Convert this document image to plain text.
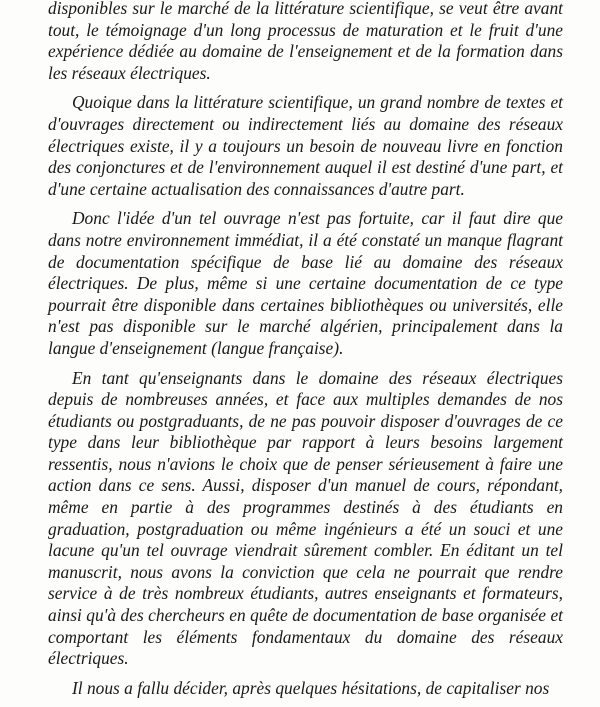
disponibles sur le marché de la littérature scientifique, se veut être avant tout, le témoignage d'un long processus de maturation et le fruit d'une expérience dédiée au domaine de l'enseignement et de la formation dans les réseaux électriques.

Quoique dans la littérature scientifique, un grand nombre de textes et d'ouvrages directement ou indirectement liés au domaine des réseaux électriques existe, il y a toujours un besoin de nouveau livre en fonction des conjonctures et de l'environnement auquel il est destiné d'une part, et d'une certaine actualisation des connaissances d'autre part.

Donc l'idée d'un tel ouvrage n'est pas fortuite, car il faut dire que dans notre environnement immédiat, il a été constaté un manque flagrant de documentation spécifique de base lié au domaine des réseaux électriques. De plus, même si une certaine documentation de ce type pourrait être disponible dans certaines bibliothèques ou universités, elle n'est pas disponible sur le marché algérien, principalement dans la langue d'enseignement (langue française).

En tant qu'enseignants dans le domaine des réseaux électriques depuis de nombreuses années, et face aux multiples demandes de nos étudiants ou postgraduants, de ne pas pouvoir disposer d'ouvrages de ce type dans leur bibliothèque par rapport à leurs besoins largement ressentis, nous n'avions le choix que de penser sérieusement à faire une action dans ce sens. Aussi, disposer d'un manuel de cours, répondant, même en partie à des programmes destinés à des étudiants en graduation, postgraduation ou même ingénieurs a été un souci et une lacune qu'un tel ouvrage viendrait sûrement combler. En éditant un tel manuscrit, nous avons la conviction que cela ne pourrait que rendre service à de très nombreux étudiants, autres enseignants et formateurs, ainsi qu'à des chercheurs en quête de documentation de base organisée et comportant les éléments fondamentaux du domaine des réseaux électriques.

Il nous a fallu décider, après quelques hésitations, de capitaliser nos
